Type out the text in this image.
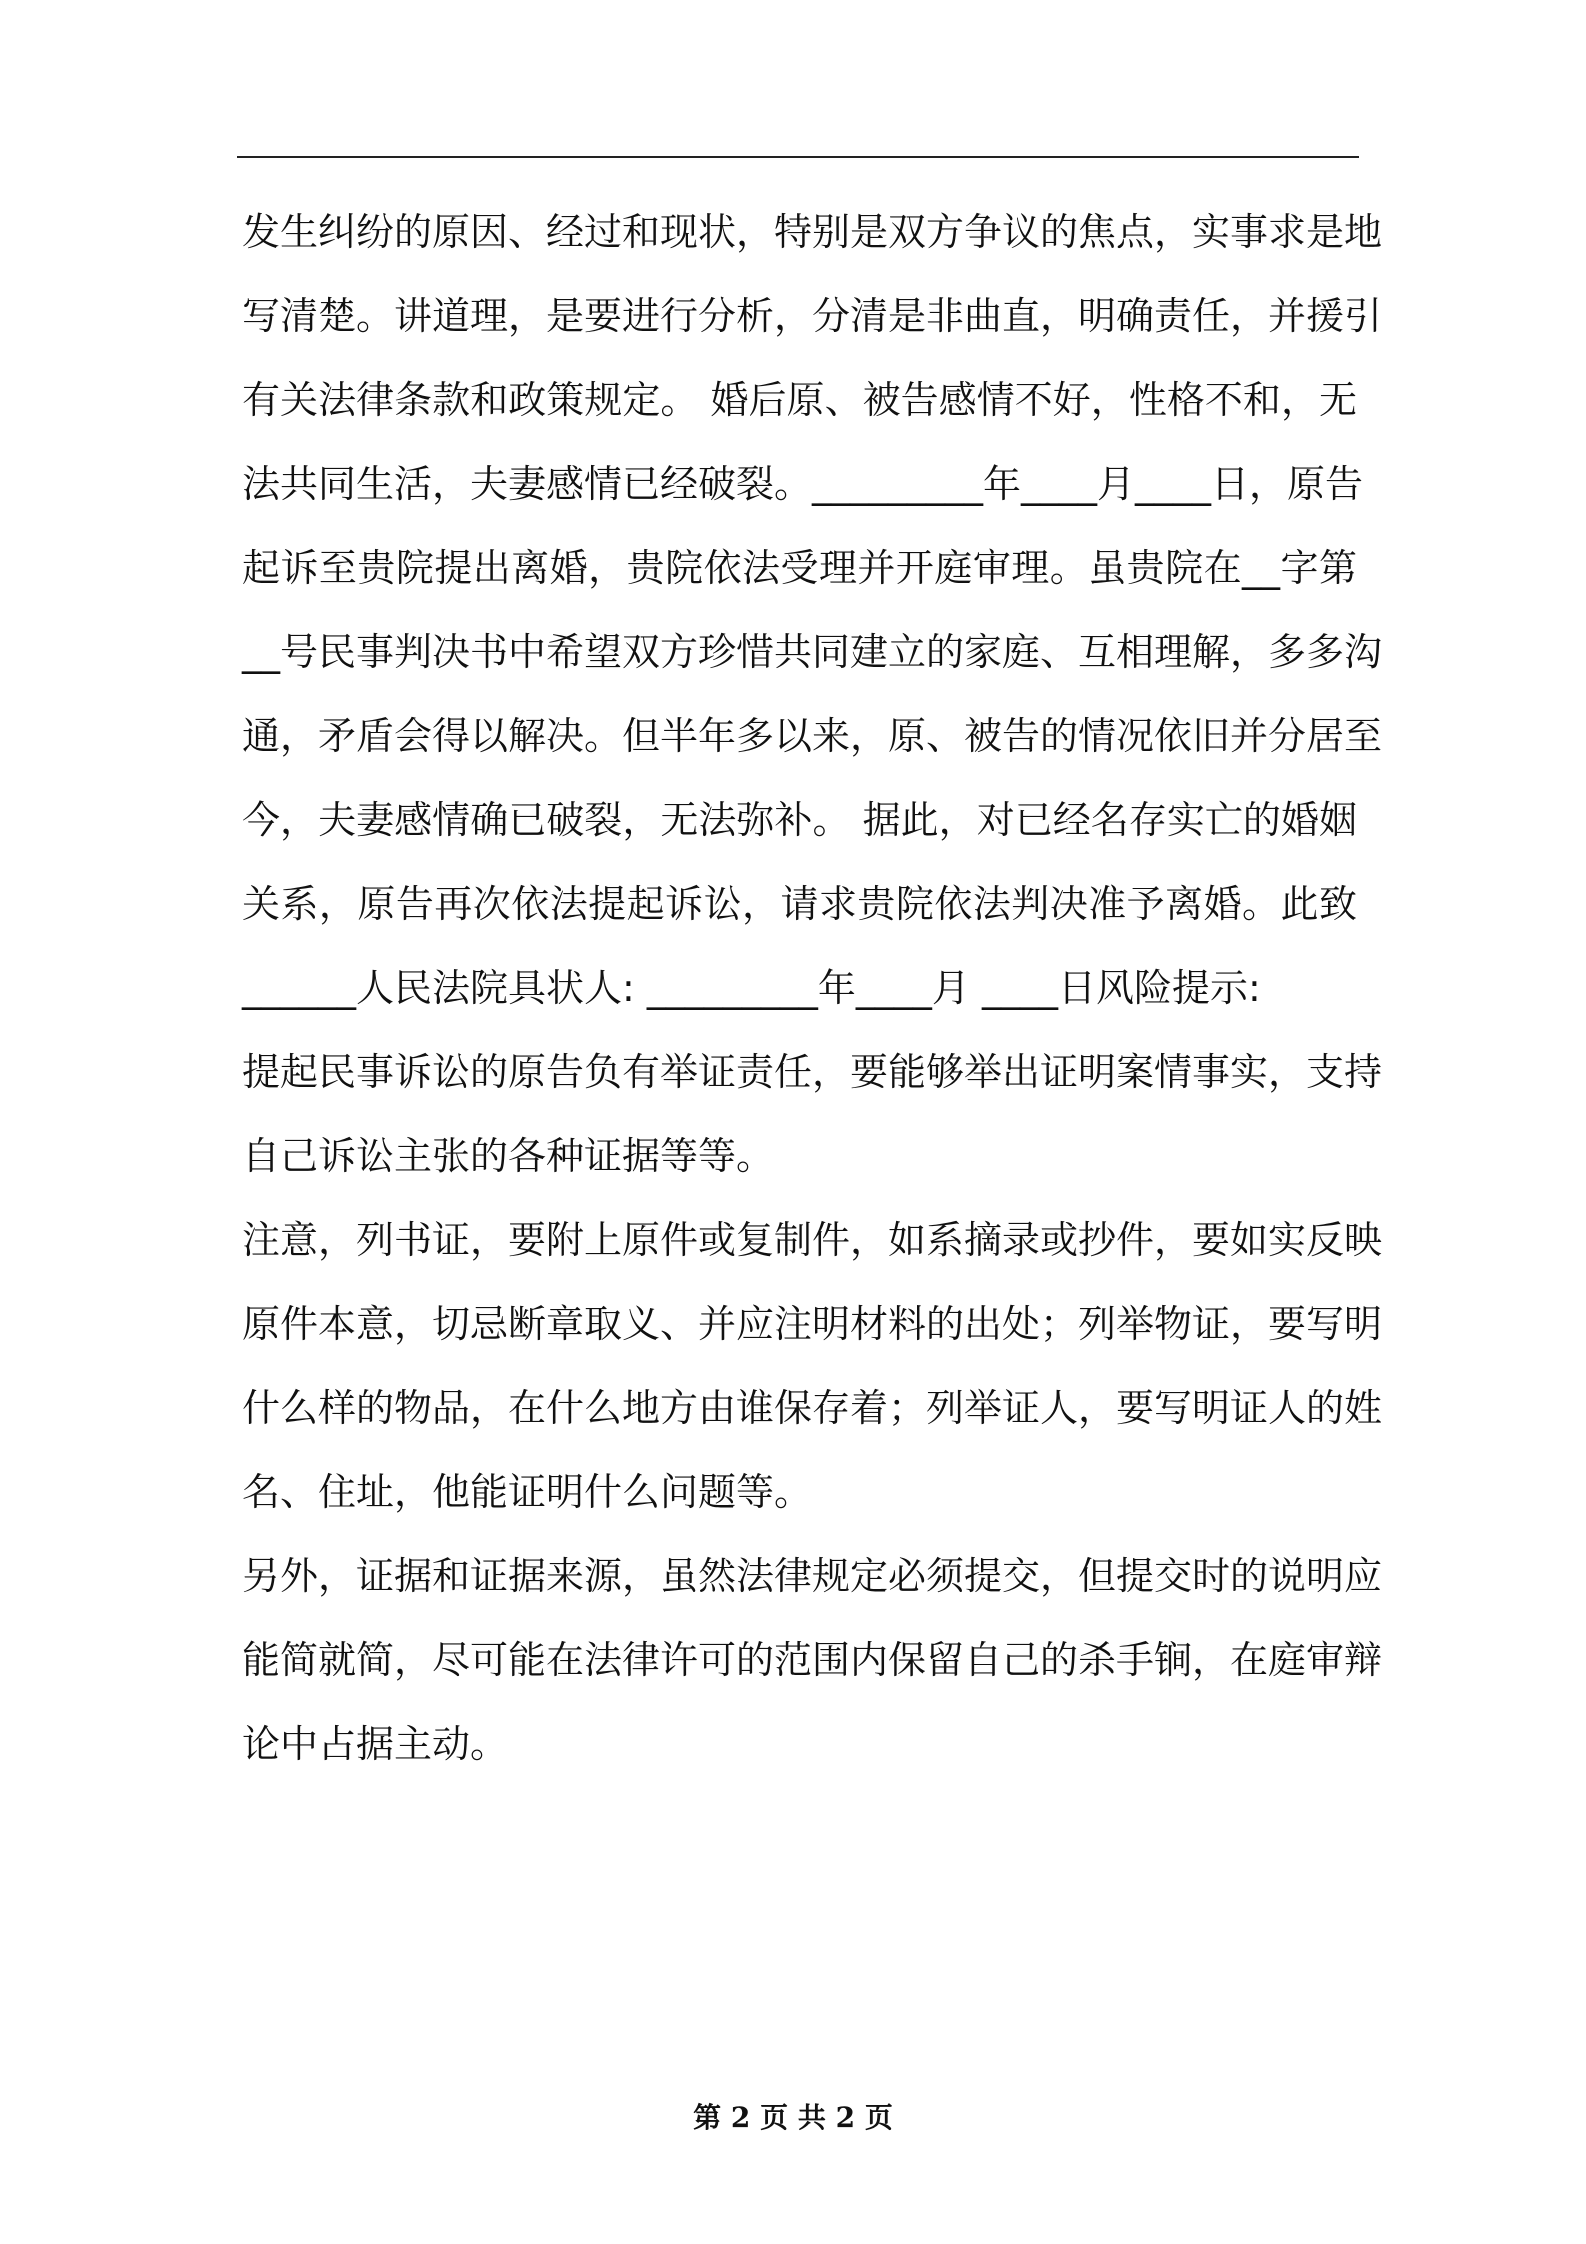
发生纠纷的原因、经过和现状，特别是双方争议的焦点，实事求是地
写清楚。讲道理，是要进行分析，分清是非曲直，明确责任，并援引
有关法律条款和政策规定。 婚后原、被告感情不好，性格不和，无
法共同生活，夫妻感情已经破裂。_________年____月____日，原告
起诉至贵院提出离婚，贵院依法受理并开庭审理。虽贵院在__字第
__号民事判决书中希望双方珍惜共同建立的家庭、互相理解，多多沟
通，矛盾会得以解决。但半年多以来，原、被告的情况依旧并分居至
今，夫妻感情确已破裂，无法弥补。 据此，对已经名存实亡的婚姻
关系，原告再次依法提起诉讼，请求贵院依法判决准予离婚。此致
______人民法院具状人: _________年____月 ____日风险提示:
提起民事诉讼的原告负有举证责任，要能够举出证明案情事实，支持
自己诉讼主张的各种证据等等。
注意，列书证，要附上原件或复制件，如系摘录或抄件，要如实反映
原件本意，切忌断章取义、并应注明材料的出处；列举物证，要写明
什么样的物品，在什么地方由谁保存着；列举证人，要写明证人的姓
名、住址，他能证明什么问题等。
另外，证据和证据来源，虽然法律规定必须提交，但提交时的说明应
能简就简，尽可能在法律许可的范围内保留自己的杀手锏，在庭审辩
论中占据主动。
第 2 页 共 2 页
